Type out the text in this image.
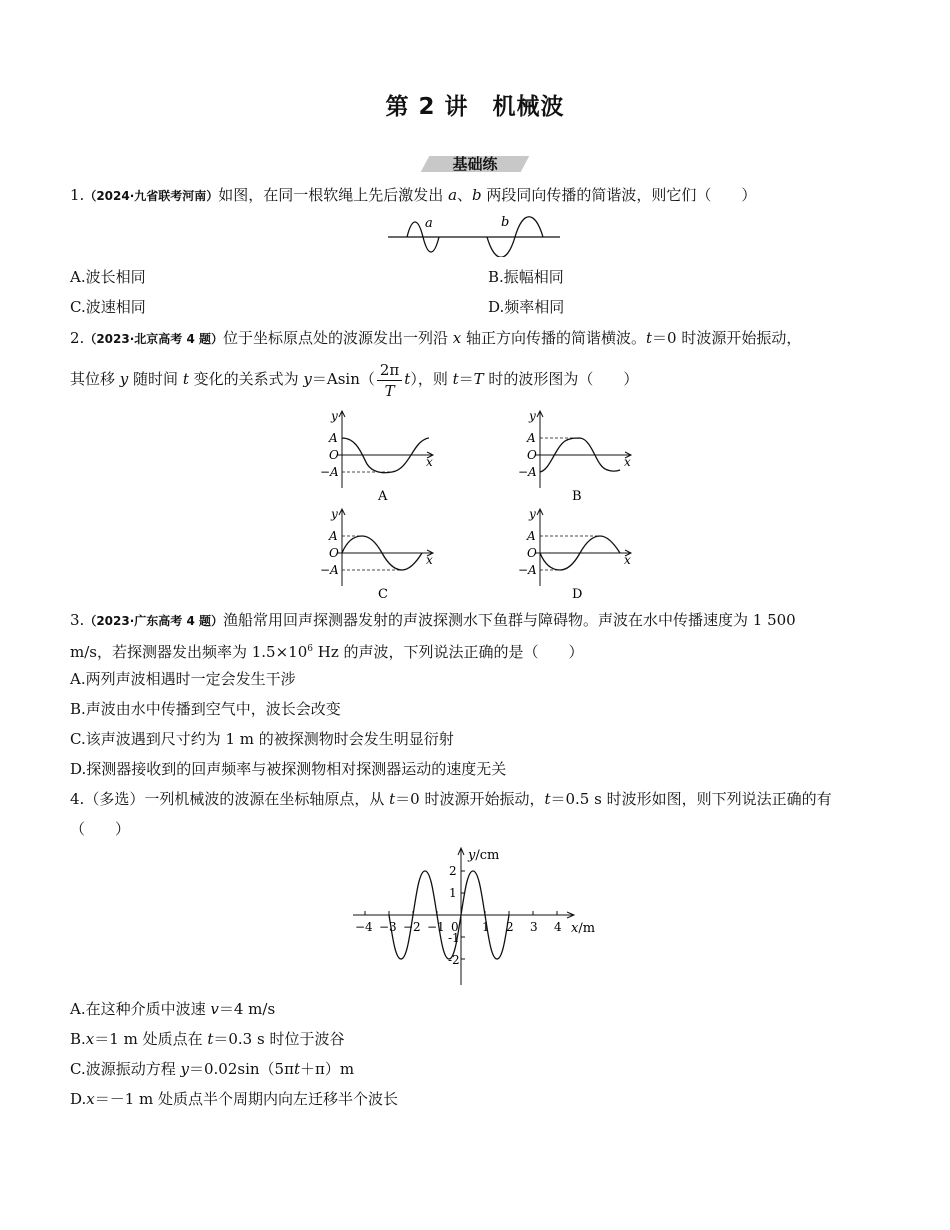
第 2 讲　机械波
基础练
1.（2024·九省联考河南）如图，在同一根软绳上先后激发出 a、b 两段同向传播的简谐波，则它们（　　）
a	b
A.波长相同	B.振幅相同
C.波速相同	D.频率相同
2.（2023·北京高考 4 题）位于坐标原点处的波源发出一列沿 x 轴正方向传播的简谐横波。t＝0 时波源开始振动，
其位移 y 随时间 t 变化的关系式为 $y=Asin( \frac{2\pi}{T} t)$，则 t＝T 时的波形图为（　　）
y
A
O
−A
x
A
y
A
O
−A
x
B
y
A
O
−A
x
C
y
A
O
−A
x
D
3.（2023·广东高考 4 题）渔船常用回声探测器发射的声波探测水下鱼群与障碍物。声波在水中传播速度为 1 500
m/s，若探测器发出频率为 $1.5\times 10^6$ Hz 的声波，下列说法正确的是（　　）
A.两列声波相遇时一定会发生干涉
B.声波由水中传播到空气中，波长会改变
C.该声波遇到尺寸约为 1 m 的被探测物时会发生明显衍射
D.探测器接收到的回声频率与被探测物相对探测器运动的速度无关
4.（多选）一列机械波的波源在坐标轴原点，从 t＝0 时波源开始振动，t＝0.5 s 时波形如图，则下列说法正确的有
（　　）
y/cm
2
1
-1
-2
−4 −3 −2 −1 0 1 2 3 4 x/m
A.在这种介质中波速 v＝4 m/s
B.x＝1 m 处质点在 t＝0.3 s 时位于波谷
C.波源振动方程 y＝0.02sin（5πt＋π）m
D.x＝－1 m 处质点半个周期内向左迁移半个波长
